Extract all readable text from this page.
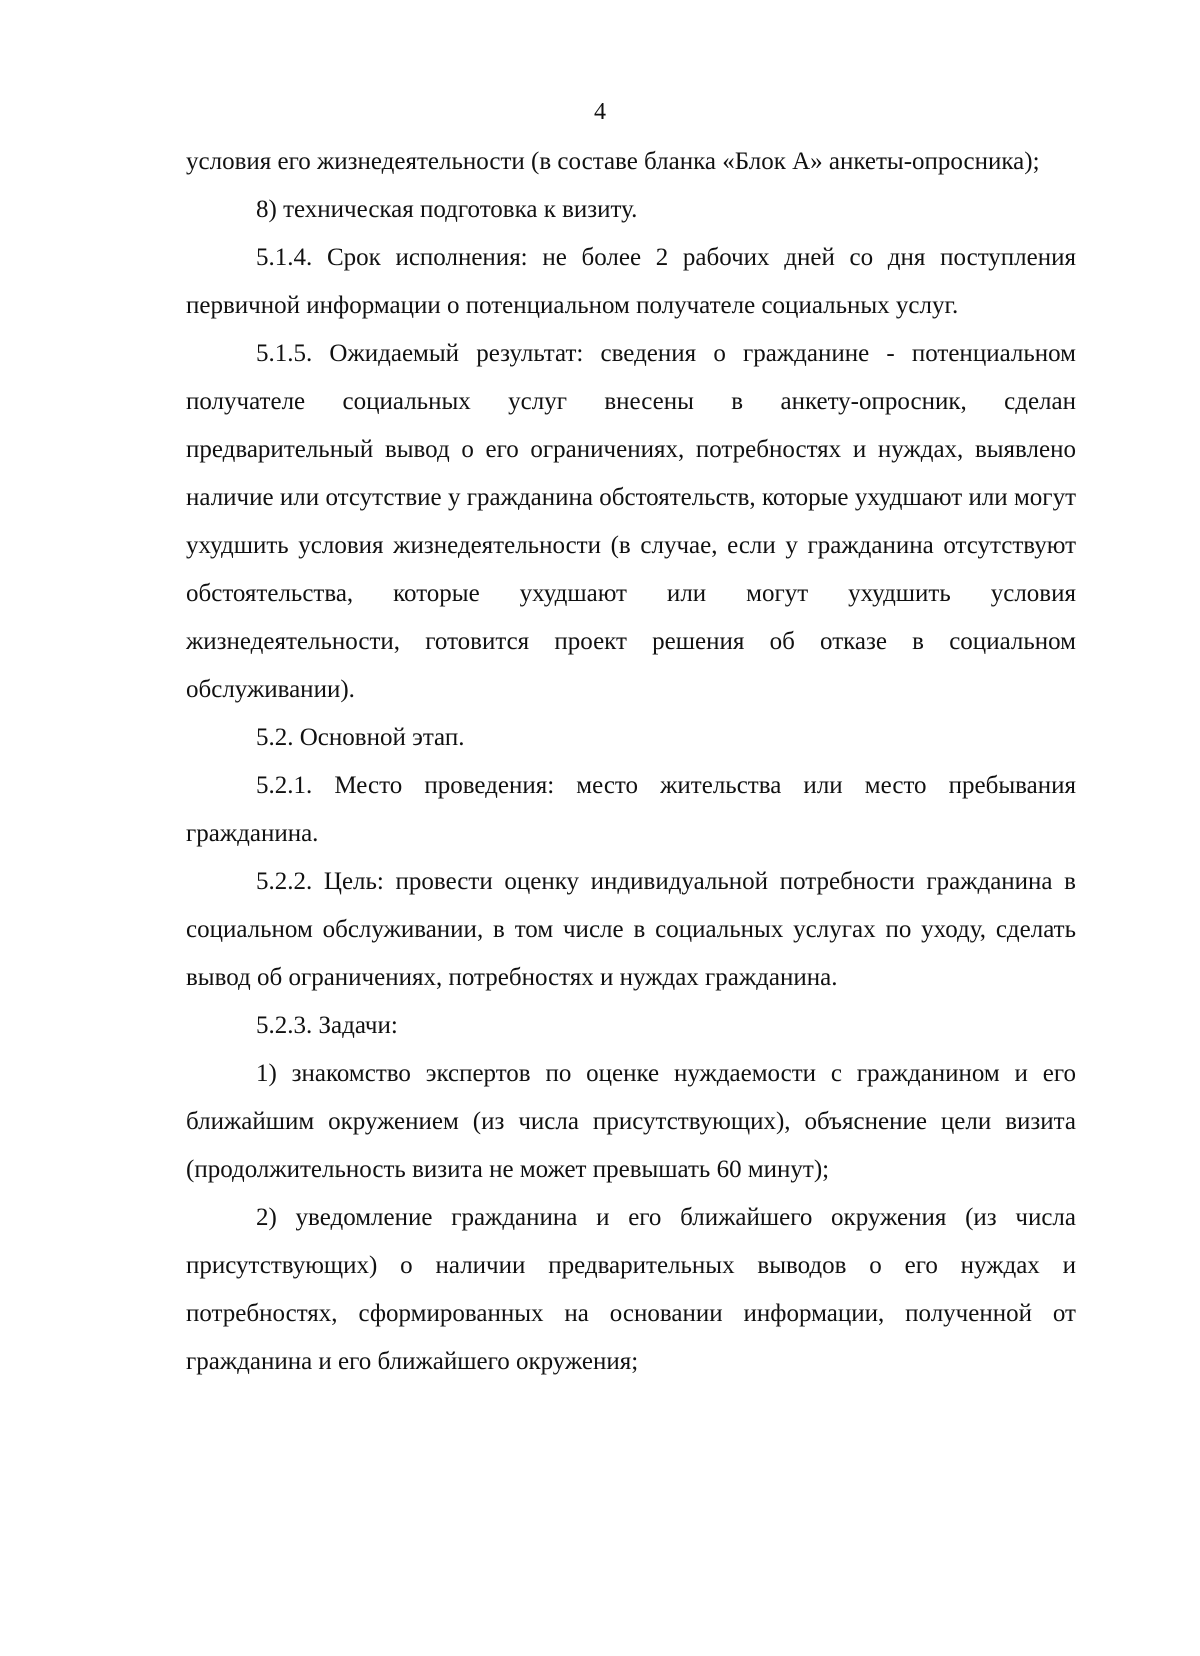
4

условия его жизнедеятельности (в составе бланка «Блок А» анкеты-опросника);

8) техническая подготовка к визиту.

5.1.4. Срок исполнения: не более 2 рабочих дней со дня поступления первичной информации о потенциальном получателе социальных услуг.

5.1.5. Ожидаемый результат: сведения о гражданине - потенциальном получателе социальных услуг внесены в анкету-опросник, сделан предварительный вывод о его ограничениях, потребностях и нуждах, выявлено наличие или отсутствие у гражданина обстоятельств, которые ухудшают или могут ухудшить условия жизнедеятельности (в случае, если у гражданина отсутствуют обстоятельства, которые ухудшают или могут ухудшить условия жизнедеятельности, готовится проект решения об отказе в социальном обслуживании).

5.2. Основной этап.

5.2.1. Место проведения: место жительства или место пребывания гражданина.

5.2.2. Цель: провести оценку индивидуальной потребности гражданина в социальном обслуживании, в том числе в социальных услугах по уходу, сделать вывод об ограничениях, потребностях и нуждах гражданина.

5.2.3. Задачи:

1) знакомство экспертов по оценке нуждаемости с гражданином и его ближайшим окружением (из числа присутствующих), объяснение цели визита (продолжительность визита не может превышать 60 минут);

2) уведомление гражданина и его ближайшего окружения (из числа присутствующих) о наличии предварительных выводов о его нуждах и потребностях, сформированных на основании информации, полученной от гражданина и его ближайшего окружения;
